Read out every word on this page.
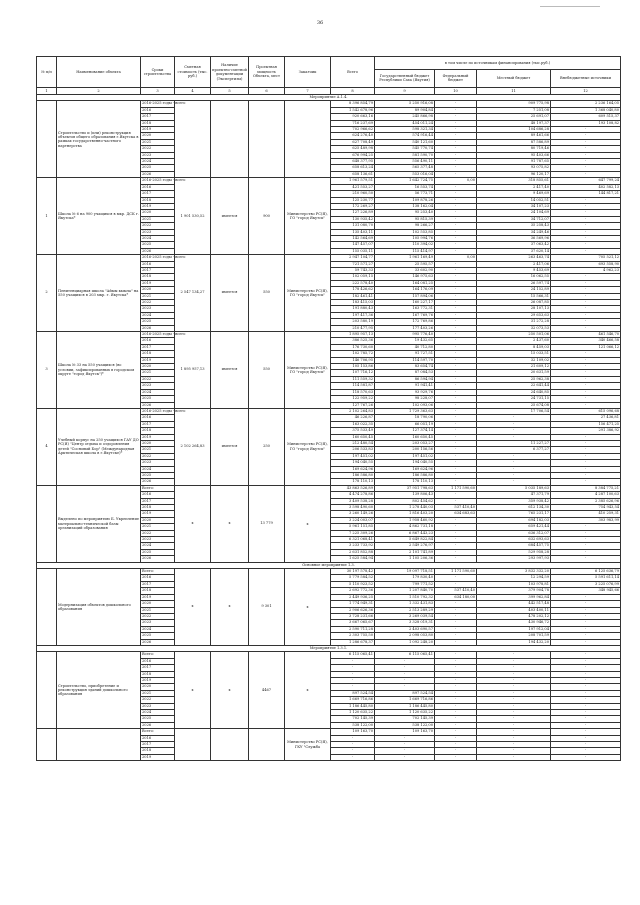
36
№ п/п	Наименование объекта	Сроки строительства	Сметная стоимость (тыс. руб.)	Наличие проектно-сметной документации (Экспертизы)	Проектная мощность Объекта, мест	Заказчик	Всего	в том числе по источникам финансирования (тыс.руб.)			
								Государственный бюджет Республики Саха (Якутия)	Федеральный бюджет	Местный бюджет	Внебюджетные источники
1	2	3	4	5	6	7	8	9	10	11	12
Мероприятие А.1.4.											
	Строительство и (или) реконструкция объектов общего образования г.Якутска в рамках государственно-частного партнерства	2016-2025 годы - всего					8 396 854,79	5 250 916,08	-	909 775,98	2 236 164,05
		2016					1 542 678,96	89 904,84	-	7 251,08	1 368 040,80
		2017					920 663,16	245 866,98	-	25 691,07	609 515,37
		2018					716 237,69	454 011,24	-	48 197,37	193 108,82
		2019					702 966,62	598 321,34	-	104 686,28	-
		2020					624 276,40	574 916,44	-	89 461,66	-
		2021					627 708,49	540 121,60	-	87 586,89	-
		2022					625 489,98	545 770,74	-	80 719,46	-
		2023					676 994,25	581 590,70	-	95 403,66	-
		2024					648 377,95	556 490,11	-	91 787,65	-
		2025					658 613,24	565 377,48	-	93 075,82	-
		2026					658 136,61	553 016,04	-	96 120,17	-
1	Школа № 6 на 900 учащихся в мкр. ДСК г. Якутска*	2016-2025 годы - всего	1 901 530,52	имеется	900	Министерство РС(Я), ГО "город Якутск"	1 961 579,51	1 642 724,75	0,00	318 855,61	647 799,24
		2016					421 553,27	16 553,74	-	2 417,40	402 582,13
		2017					210 960,50	56 773,71	-	9 469,69	144 817,21
		2018					125 230,77	109 878,26	-	14 052,51	-
		2019					172 269,27	138 162,04	-	34 107,23	-
		2020					127 226,89	95 253,40	-	24 104,69	-
		2021					130 935,42	95 815,39	-	34 712,07	-
		2022					131 080,70	98 266,27	-	35 258,43	-
		2023					135 403,11	102 553,85	-	34 249,46	-
		2024					142 564,69	105 994,76	-	36 569,96	-
		2025					147 457,07	110 394,02	-	37 063,42	-
		2026					155 035,11	115 414,97	-	37 620,14	-
2	Пенитенциарная школа "Айыы кыыла" на 550 учащихся в 203 мкр. г. Якутска*	2016-2025 годы - всего	2 547 134,27	имеется	550	Министерство РС(Я), ГО "город Якутск"	2 947 104,77	1 961 169,49	0,00	263 463,74	705 521,12
		2016					721 571,27	25 595,57	-	2 417,06	693 558,90
		2017					59 743,33	33 602,90	-	9 453,69	4 962,23
		2018					102 059,15	146 975,63	-	16 062,55	-
		2019					222 578,40	164 081,25	-	26 597,74	-
		2020					178 426,62	164 176,09	-	24 152,89	-
		2021					182 461,41	157 894,06	-	15 566,31	-
		2022					183 415,03	160 227,17	-	26 087,85	-
		2023					191 880,43	163 772,31	-	28 107,13	-
		2024					197 417,36	167 769,76	-	29 653,63	-
		2025					203 580,19	172 769,86	-	31 272,28	-
		2026					210 477,95	177 403,26	-	32 073,53	-
3	Школа № 33 на 550 учащихся (во условии, зафиксированных в городском округе "город Якутск")*	2016-2025 годы - всего	1 895 957,13	имеется	550	Министерство РС(Я), ГО "город Якутск"	1 895 957,13	995 776,40	-	250 501,06	461 546,70
		2016					386 525,36	19 432,65	-	2 437,60	340 466,58
		2017					176 730,60	40 712,80	-	8 459,03	121 066,12
		2018					102 785,72	91 727,51	-	15 033,51	-
		2019					146 706,95	114 597,70	-	32 109,02	-
		2020					105 153,86	83 654,74	-	21 609,12	-
		2021					107 716,12	87 084,53	-	20 631,59	-
		2022					111 559,32	86 594,94	-	25 962,38	-
		2023					114 581,87	91 941,41	-	22 641,44	-
		2024					118 570,63	93 929,76	-	24 640,85	-
		2025					122 959,22	98 228,07	-	24 731,15	-
		2026					127 767,26	102 093,06	-	25 674,08	-
4	Учебный корпус на 250 учащихся ГАУ ДО РС(Я) "Центр отдыха и оздоровления детей "Сосновый Бор" (Международная Арктическая школа в г.Якутске)*	2016-2025 годы - всего	2 102 264,83	имеется	250	Министерство РС(Я), ГО "город Якутск"	2 102 264,83	1 729 363,63	-	17 706,54	615 096,68
		2016					46 226,87	18 790,06	-	-	27 436,81
		2017					163 022,35	66 051,19	-	-	156 471,25
		2018					375 533,49	127 374,14	-	-	291 386,92
		2019					160 650,45	160 650,45	-	-	-
		2020					212 480,54	203 053,27	-	11 227,27	-
		2021					206 533,83	200 156,56	-	6 377,27	-
		2022					197 451,02	197 451,02	-	-	-
		2023					194 040,55	194 040,55	-	-	-
		2024					169 624,96	169 624,96	-	-	-
		2025					186 586,80	186 586,80	-	-	-
		2026					178 110,13	178 110,13	-	-	-
	Выделено по мероприятию Б. Укрепление материально-технической базы организаций образования	Всего:	x	x	13 779	x	43 863 526,89	37 951 798,63	1 171 590,60	5 035 189,63	8 384 775,21
		2016					4 474 278,86	139 806,43	-	47 371,79	4 287 100,63
		2017					3 409 538,28	802 454,62	-	359 938,42	2 385 626,96
		2018					3 598 490,60	1 278 440,03	537 410,40	612 134,30	754 943,54
		2019					3 260 149,26	1 816 403,20	634 683,63	765 231,17	410 259,31
		2020					3 224 003,07	1 958 460,92	-	694 182,03	303 983,99
		2021					5 961 151,85	4 862 731,18	-	659 421,44	-
		2022					7 225 309,26	6 867 443,23	-	636 312,07	-
		2023					6 321 068,41	5 649 822,84	-	632 693,63	-
		2024					3 233 733,92	2 549 276,97	-	684 457,75	-
		2025					2 631 852,88	2 101 741,89	-	529 958,28	-
		2026					1 625 584,94	1 105 206,36	-	293 997,93	-
Основное мероприятие 1.3.											
	Модернизация объектов дошкольного образования	Всего:	x	x	9 301	x	30 197 578,42	19 097 718,51	1 171 590,60	3 832 332,20	6 125 636,79
		2016					5 779 584,52	179 830,40	-	12 294,59	5 591 611,14
		2017					5 110 923,52	799 771,52	-	103 978,81	3 225 076,99
		2018					2 692 772,36	1 207 840,70	537 410,40	379 904,78	348 945,66
		2019					2 449 936,25	1 510 792,32	634 180,00	399 962,84	-
		2020					1 774 949,31	1 332 431,83	-	442 517,48	-
		2021					2 906 626,36	2 513 289,29	-	403 400,11	-
		2022					3 728 231,66	3 269 039,54	-	478 202,12	-
		2023					3 667 065,67	3 328 019,31	-	430 946,72	-
		2024					2 590 711,28	2 403 690,57	-	197 912,04	-
		2025					2 303 755,50	2 098 053,80	-	208 701,59	-
		2026					1 286 678,37	1 092 248,20	-	194 432,20	-
Мероприятие 1.3.1.											
	Строительство, приобретение и реконструкция зданий дошкольного образования	Всего:	x	x	4467	x	6 115 065,41	6 115 065,41	-	-	-
		2016					-	-	-	-	-
		2017					-	-	-	-	-
		2018					-	-	-	-	-
		2019					-	-	-	-	-
		2020					-	-	-	-	-
		2021					897 524,54	897 524,54	-	-	-
		2022					1 669 716,86	1 669 716,86	-	-	-
		2023					1 186 445,80	1 186 445,80	-	-	-
		2024					1 120 635,22	1 120 635,22	-	-	-
		2025					702 145,39	702 145,39	-	-	-
		2026					538 122,00	538 122,00	-	-	-
		Всего:				Министерство РС(Я), ГКУ "Служба	109 163,70	109 163,70	-	-	-
		2016					-	-	-	-	-
		2017					-	-	-	-	-
		2018					-	-	-	-	-
		2019					-	-	-	-	-
